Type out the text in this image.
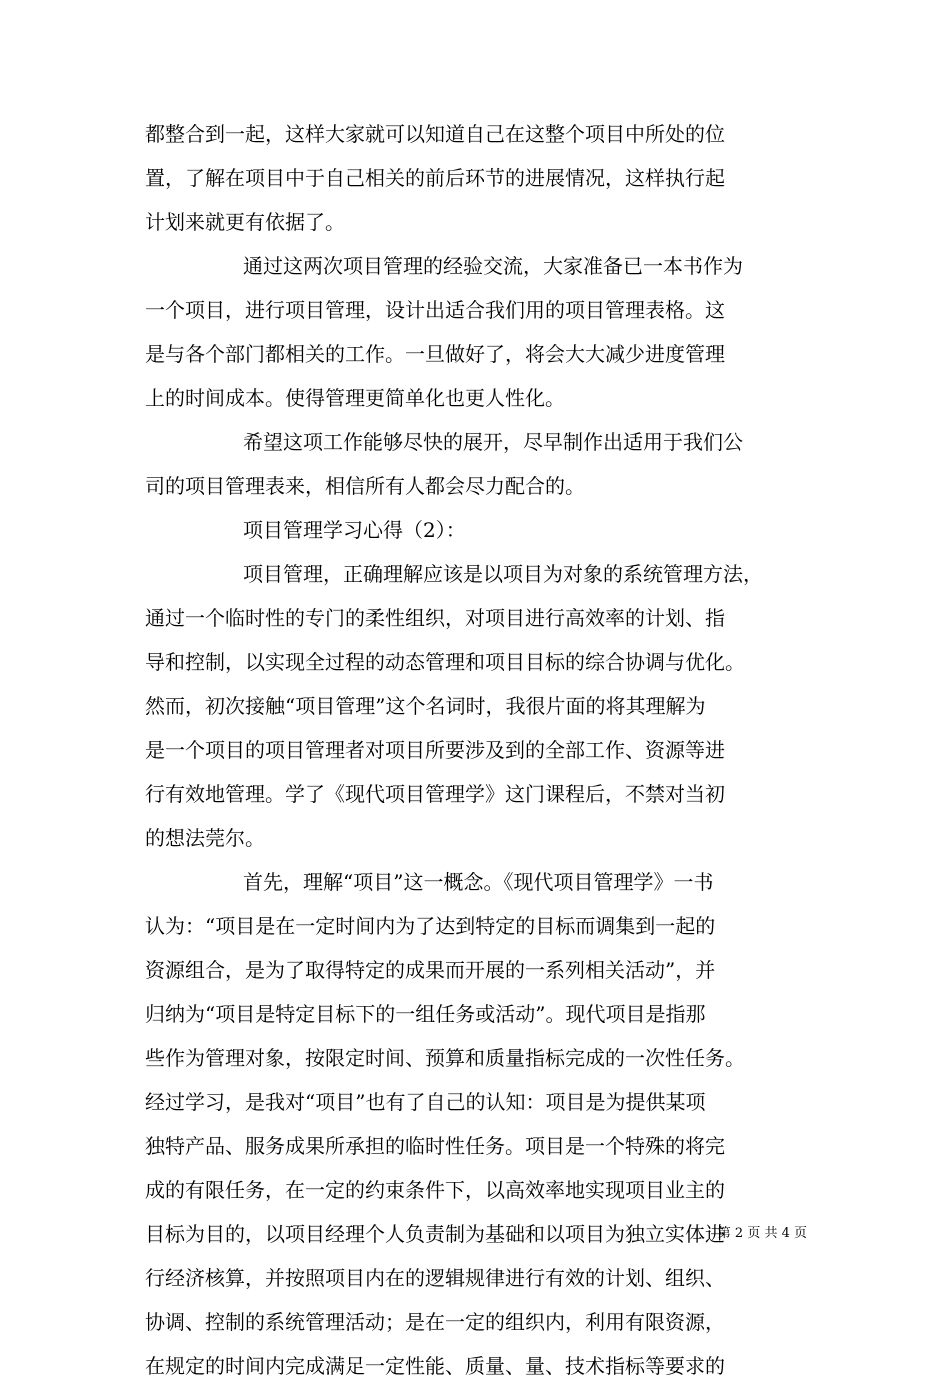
都整合到一起，这样大家就可以知道自己在这整个项目中所处的位
置，了解在项目中于自己相关的前后环节的进展情况，这样执行起
计划来就更有依据了。
通过这两次项目管理的经验交流，大家准备已一本书作为
一个项目，进行项目管理，设计出适合我们用的项目管理表格。这
是与各个部门都相关的工作。一旦做好了，将会大大减少进度管理
上的时间成本。使得管理更简单化也更人性化。
希望这项工作能够尽快的展开，尽早制作出适用于我们公
司的项目管理表来，相信所有人都会尽力配合的。
项目管理学习心得（2）：
项目管理，正确理解应该是以项目为对象的系统管理方法，
通过一个临时性的专门的柔性组织，对项目进行高效率的计划、指
导和控制，以实现全过程的动态管理和项目目标的综合协调与优化。
然而，初次接触“项目管理”这个名词时，我很片面的将其理解为
是一个项目的项目管理者对项目所要涉及到的全部工作、资源等进
行有效地管理。学了《现代项目管理学》这门课程后，不禁对当初
的想法莞尔。
首先，理解“项目”这一概念。《现代项目管理学》一书
认为：“项目是在一定时间内为了达到特定的目标而调集到一起的
资源组合，是为了取得特定的成果而开展的一系列相关活动”，并
归纳为“项目是特定目标下的一组任务或活动”。现代项目是指那
些作为管理对象，按限定时间、预算和质量指标完成的一次性任务。
经过学习，是我对“项目”也有了自己的认知：项目是为提供某项
独特产品、服务成果所承担的临时性任务。项目是一个特殊的将完
成的有限任务，在一定的约束条件下，以高效率地实现项目业主的
目标为目的，以项目经理个人负责制为基础和以项目为独立实体进
行经济核算，并按照项目内在的逻辑规律进行有效的计划、组织、
协调、控制的系统管理活动；是在一定的组织内，利用有限资源，
在规定的时间内完成满足一定性能、质量、量、技术指标等要求的
第 2 页 共 4 页
